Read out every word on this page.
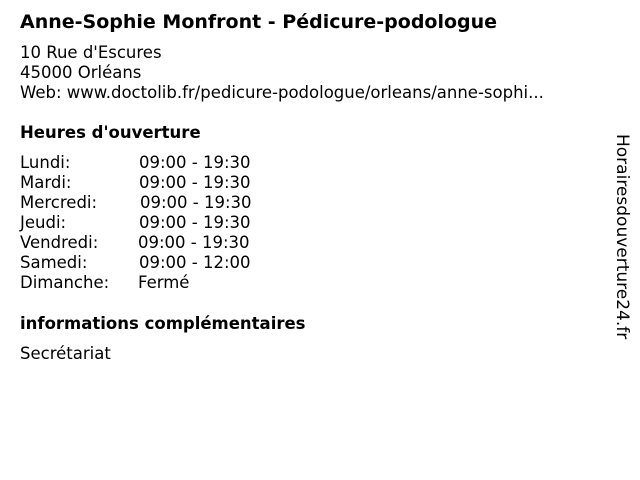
Anne-Sophie Monfront - Pédicure-podologue
10 Rue d'Escures
45000 Orléans
Web: www.doctolib.fr/pedicure-podologue/orleans/anne-sophi...
Heures d'ouverture
Lundi:	09:00 - 19:30
Mardi:	09:00 - 19:30
Mercredi:	09:00 - 19:30
Jeudi:	09:00 - 19:30
Vendredi: 09:00 - 19:30
Samedi:	09:00 - 12:00
Dimanche: Fermé
informations complémentaires
Secrétariat
Horairesdouverture24.fr
